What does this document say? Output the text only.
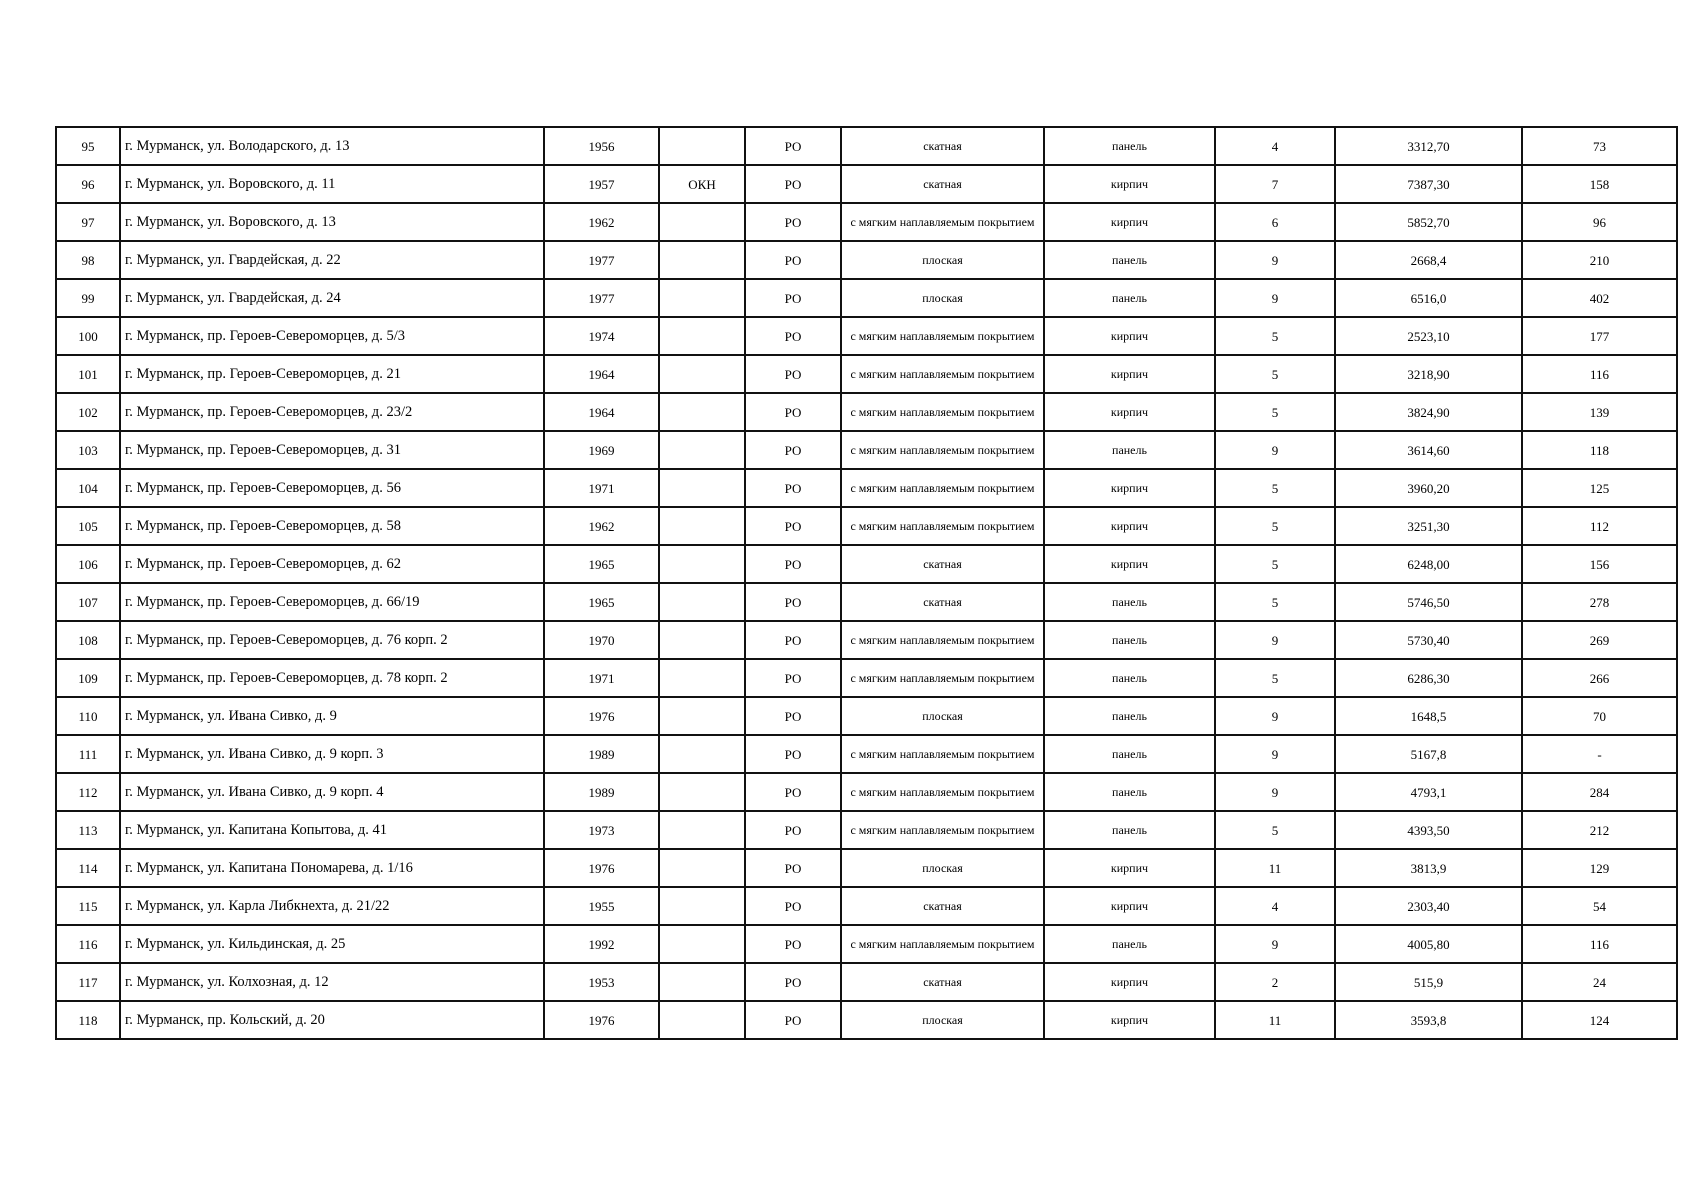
95	г. Мурманск, ул. Володарского, д. 13	1956		РО	скатная	панель	4	3312,70	73
96	г. Мурманск, ул. Воровского, д. 11	1957	ОКН	РО	скатная	кирпич	7	7387,30	158
97	г. Мурманск, ул. Воровского, д. 13	1962		РО	с мягким наплавляемым покрытием	кирпич	6	5852,70	96
98	г. Мурманск, ул. Гвардейская, д. 22	1977		РО	плоская	панель	9	2668,4	210
99	г. Мурманск, ул. Гвардейская, д. 24	1977		РО	плоская	панель	9	6516,0	402
100	г. Мурманск, пр. Героев-Североморцев, д. 5/3	1974		РО	с мягким наплавляемым покрытием	кирпич	5	2523,10	177
101	г. Мурманск, пр. Героев-Североморцев, д. 21	1964		РО	с мягким наплавляемым покрытием	кирпич	5	3218,90	116
102	г. Мурманск, пр. Героев-Североморцев, д. 23/2	1964		РО	с мягким наплавляемым покрытием	кирпич	5	3824,90	139
103	г. Мурманск, пр. Героев-Североморцев, д. 31	1969		РО	с мягким наплавляемым покрытием	панель	9	3614,60	118
104	г. Мурманск, пр. Героев-Североморцев, д. 56	1971		РО	с мягким наплавляемым покрытием	кирпич	5	3960,20	125
105	г. Мурманск, пр. Героев-Североморцев, д. 58	1962		РО	с мягким наплавляемым покрытием	кирпич	5	3251,30	112
106	г. Мурманск, пр. Героев-Североморцев, д. 62	1965		РО	скатная	кирпич	5	6248,00	156
107	г. Мурманск, пр. Героев-Североморцев, д. 66/19	1965		РО	скатная	панель	5	5746,50	278
108	г. Мурманск, пр. Героев-Североморцев, д. 76 корп. 2	1970		РО	с мягким наплавляемым покрытием	панель	9	5730,40	269
109	г. Мурманск, пр. Героев-Североморцев, д. 78 корп. 2	1971		РО	с мягким наплавляемым покрытием	панель	5	6286,30	266
110	г. Мурманск, ул. Ивана Сивко, д. 9	1976		РО	плоская	панель	9	1648,5	70
111	г. Мурманск, ул. Ивана Сивко, д. 9 корп. 3	1989		РО	с мягким наплавляемым покрытием	панель	9	5167,8	-
112	г. Мурманск, ул. Ивана Сивко, д. 9 корп. 4	1989		РО	с мягким наплавляемым покрытием	панель	9	4793,1	284
113	г. Мурманск, ул. Капитана Копытова, д. 41	1973		РО	с мягким наплавляемым покрытием	панель	5	4393,50	212
114	г. Мурманск, ул. Капитана Пономарева, д. 1/16	1976		РО	плоская	кирпич	11	3813,9	129
115	г. Мурманск, ул. Карла Либкнехта, д. 21/22	1955		РО	скатная	кирпич	4	2303,40	54
116	г. Мурманск, ул. Кильдинская, д. 25	1992		РО	с мягким наплавляемым покрытием	панель	9	4005,80	116
117	г. Мурманск, ул. Колхозная, д. 12	1953		РО	скатная	кирпич	2	515,9	24
118	г. Мурманск, пр. Кольский, д. 20	1976		РО	плоская	кирпич	11	3593,8	124
